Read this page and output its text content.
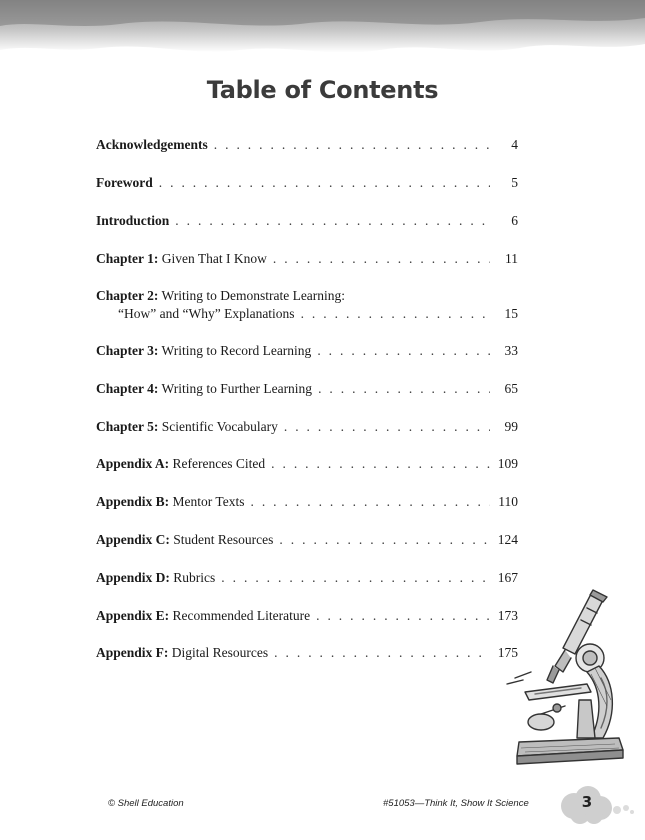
Table of Contents
Acknowledgements . . .	4
Foreword . . .	5
Introduction . . .	6
Chapter 1: Given That I Know . . .	11
Chapter 2: Writing to Demonstrate Learning:
“How” and “Why” Explanations . . .	15
Chapter 3: Writing to Record Learning . . .	33
Chapter 4: Writing to Further Learning . . .	65
Chapter 5: Scientific Vocabulary . . .	99
Appendix A: References Cited . . .	109
Appendix B: Mentor Texts . . .	110
Appendix C: Student Resources . . .	124
Appendix D: Rubrics . . .	167
Appendix E: Recommended Literature . . .	173
Appendix F: Digital Resources . . .	175
© Shell Education	#51053—Think It, Show It Science	3
